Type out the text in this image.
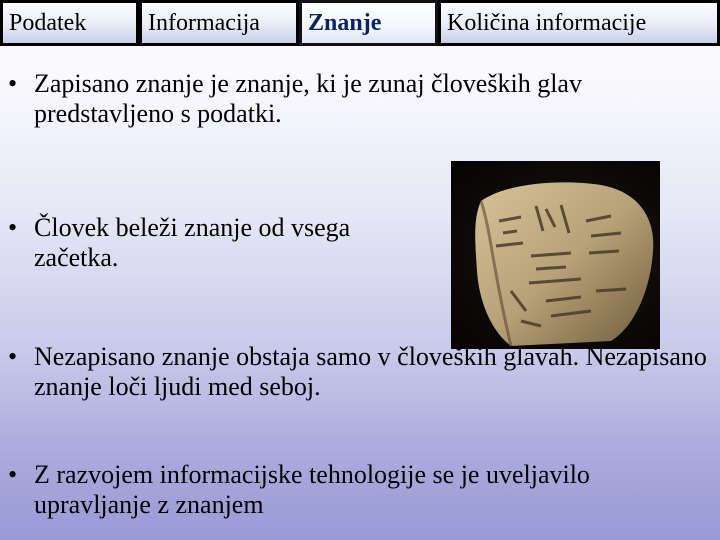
Podatek	Informacija	Znanje	Količina informacije
• Zapisano znanje je znanje, ki je zunaj človeških glav predstavljeno s podatki.
• Človek beleži znanje od vsega začetka.
• Nezapisano znanje obstaja samo v človeških glavah. Nezapisano znanje loči ljudi med seboj.
• Z razvojem informacijske tehnologije se je uveljavilo upravljanje z znanjem
